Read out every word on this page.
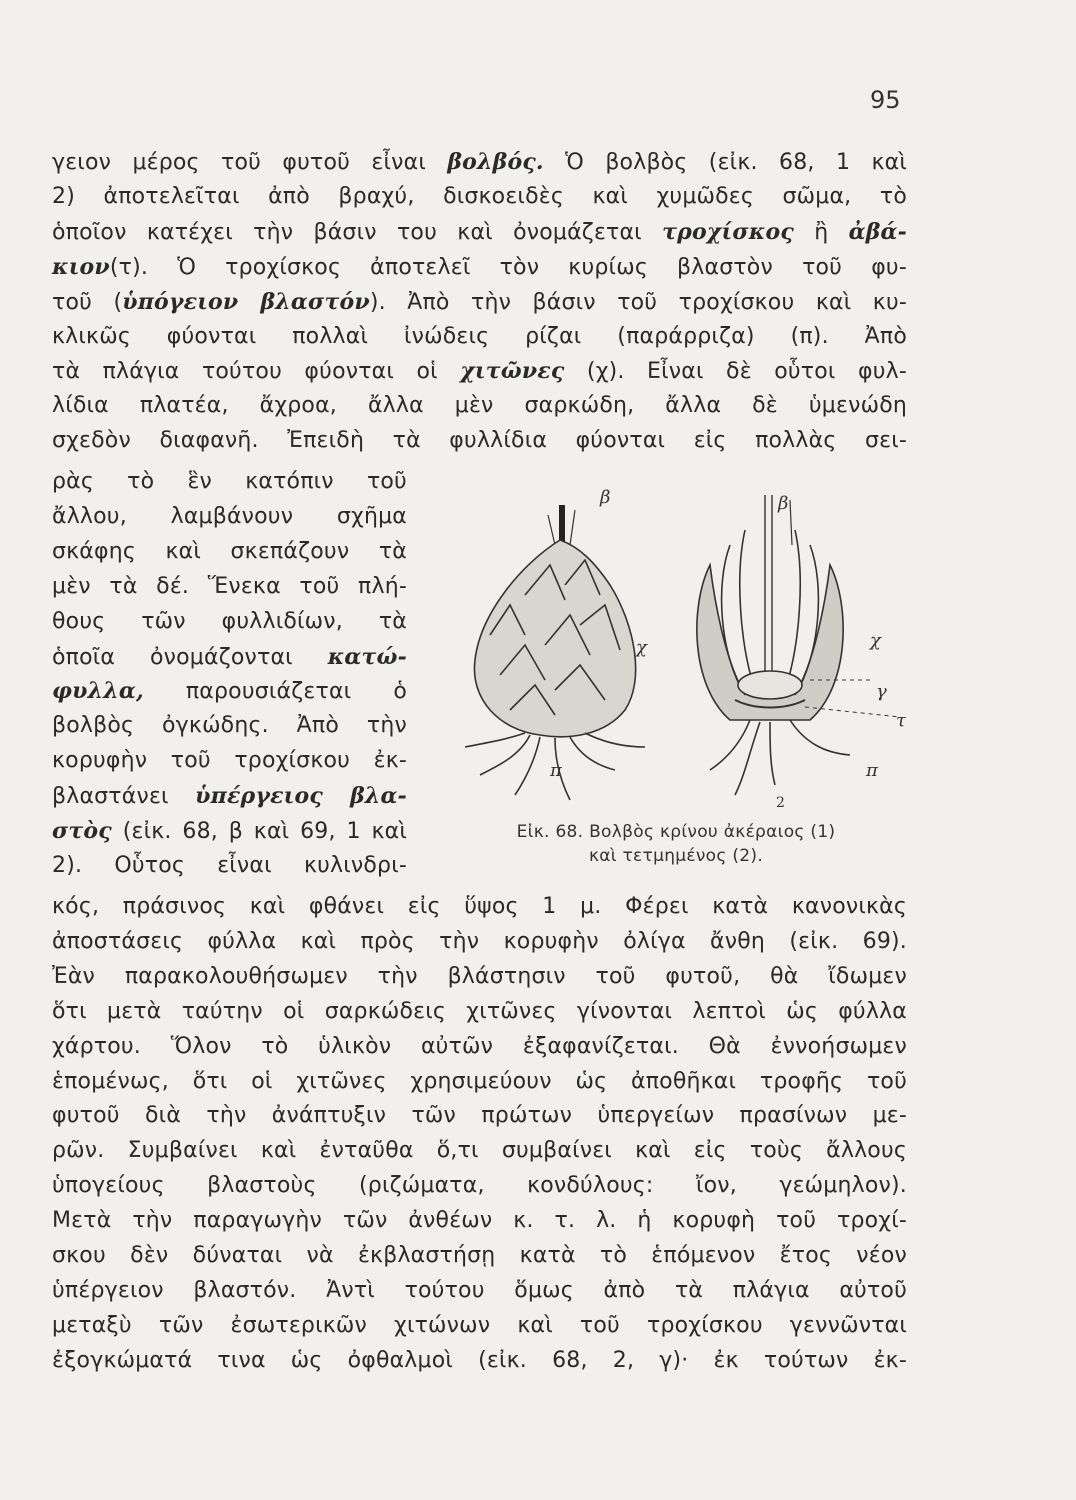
95
γειον μέρος τοῦ φυτοῦ εἶναι βολβός. Ὁ βολβὸς (εἰκ. 68, 1 καὶ
2) ἀποτελεῖται ἀπὸ βραχύ, δισκοειδὲς καὶ χυμῶδες σῶμα, τὸ
ὁποῖον κατέχει τὴν βάσιν του καὶ ὀνομάζεται τροχίσκος ἢ ἀβά-
κιον(τ). Ὁ τροχίσκος ἀποτελεῖ τὸν κυρίως βλαστὸν τοῦ φυ-
τοῦ (ὑπόγειον βλαστόν). Ἀπὸ τὴν βάσιν τοῦ τροχίσκου καὶ κυ-
κλικῶς φύονται πολλαὶ ἰνώδεις ρίζαι (παράρριζα) (π). Ἀπὸ
τὰ πλάγια τούτου φύονται οἱ χιτῶνες (χ). Εἶναι δὲ οὗτοι φυλ-
λίδια πλατέα, ἄχροα, ἄλλα μὲν σαρκώδη, ἄλλα δὲ ὑμενώδη
σχεδὸν διαφανῆ. Ἐπειδὴ τὰ φυλλίδια φύονται εἰς πολλὰς σει-
ρὰς τὸ ἓν κατόπιν τοῦ
ἄλλου, λαμβάνουν σχῆμα
σκάφης καὶ σκεπάζουν τὰ
μὲν τὰ δέ. Ἕνεκα τοῦ πλή-
θους τῶν φυλλιδίων, τὰ
ὁποῖα ὀνομάζονται κατώ-
φυλλα, παρουσιάζεται ὁ
βολβὸς ὀγκώδης. Ἀπὸ τὴν
κορυφὴν τοῦ τροχίσκου ἐκ-
βλαστάνει ὑπέργειος βλα-
στὸς (εἰκ. 68, β καὶ 69, 1 καὶ
2). Οὗτος εἶναι κυλινδρι-
κός, πράσινος καὶ φθάνει εἰς ὕψος 1 μ. Φέρει κατὰ κανονικὰς
ἀποστάσεις φύλλα καὶ πρὸς τὴν κορυφὴν ὀλίγα ἄνθη (εἰκ. 69).
Ἐὰν παρακολουθήσωμεν τὴν βλάστησιν τοῦ φυτοῦ, θὰ ἴδωμεν
ὅτι μετὰ ταύτην οἱ σαρκώδεις χιτῶνες γίνονται λεπτοὶ ὡς φύλλα
χάρτου. Ὅλον τὸ ὑλικὸν αὐτῶν ἐξαφανίζεται. Θὰ ἐννοήσωμεν
ἑπομένως, ὅτι οἱ χιτῶνες χρησιμεύουν ὡς ἀποθῆκαι τροφῆς τοῦ
φυτοῦ διὰ τὴν ἀνάπτυξιν τῶν πρώτων ὑπεργείων πρασίνων με-
ρῶν. Συμβαίνει καὶ ἐνταῦθα ὅ,τι συμβαίνει καὶ εἰς τοὺς ἄλλους
ὑπογείους βλαστοὺς (ριζώματα, κονδύλους: ἴον, γεώμηλον).
Μετὰ τὴν παραγωγὴν τῶν ἀνθέων κ. τ. λ. ἡ κορυφὴ τοῦ τροχί-
σκου δὲν δύναται νὰ ἐκβλαστήσῃ κατὰ τὸ ἑπόμενον ἔτος νέον
ὑπέργειον βλαστόν. Ἀντὶ τούτου ὅμως ἀπὸ τὰ πλάγια αὐτοῦ
μεταξὺ τῶν ἐσωτερικῶν χιτώνων καὶ τοῦ τροχίσκου γεννῶνται
ἐξογκώματά τινα ὡς ὀφθαλμοὶ (εἰκ. 68, 2, γ)· ἐκ τούτων ἐκ-
β
χ
π
β
χ
γ
τ
π
2
Εἰκ. 68. Βολβὸς κρίνου ἀκέραιος (1)
καὶ τετμημένος (2).
